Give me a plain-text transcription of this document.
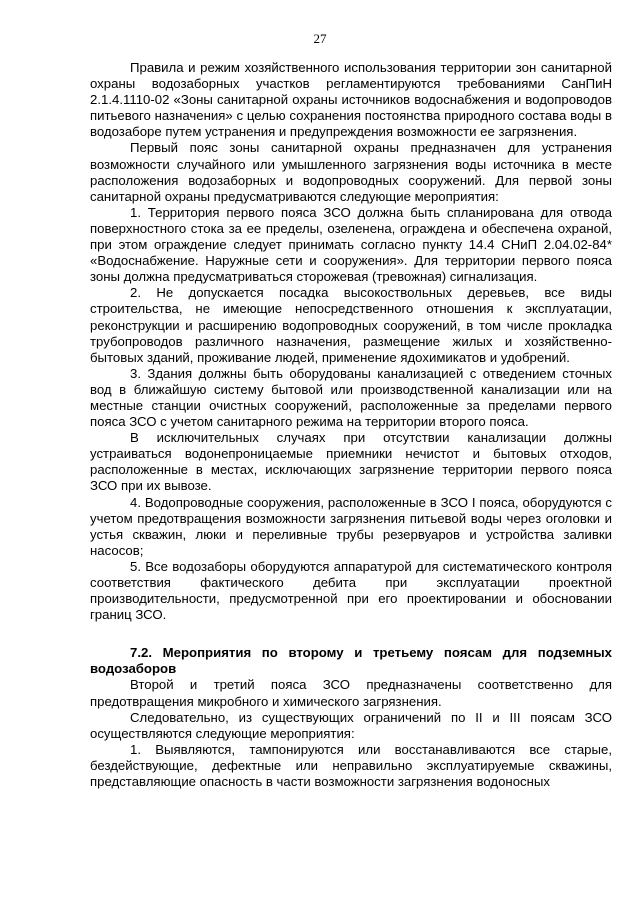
27

Правила и режим хозяйственного использования территории зон санитарной охраны водозаборных участков регламентируются требованиями СанПиН 2.1.4.1110-02 «Зоны санитарной охраны источников водоснабжения и водопроводов питьевого назначения» с целью сохранения постоянства природного состава воды в водозаборе путем устранения и предупреждения возможности ее загрязнения.

Первый пояс зоны санитарной охраны предназначен для устранения возможности случайного или умышленного загрязнения воды источника в месте расположения водозаборных и водопроводных сооружений. Для первой зоны санитарной охраны предусматриваются следующие мероприятия:

1. Территория первого пояса ЗСО должна быть спланирована для отвода поверхностного стока за ее пределы, озеленена, ограждена и обеспечена охраной, при этом ограждение следует принимать согласно пункту 14.4 СНиП 2.04.02-84* «Водоснабжение. Наружные сети и сооружения». Для территории первого пояса зоны должна предусматриваться сторожевая (тревожная) сигнализация.

2. Не допускается посадка высокоствольных деревьев, все виды строительства, не имеющие непосредственного отношения к эксплуатации, реконструкции и расширению водопроводных сооружений, в том числе прокладка трубопроводов различного назначения, размещение жилых и хозяйственно-бытовых зданий, проживание людей, применение ядохимикатов и удобрений.

3. Здания должны быть оборудованы канализацией с отведением сточных вод в ближайшую систему бытовой или производственной канализации или на местные станции очистных сооружений, расположенные за пределами первого пояса ЗСО с учетом санитарного режима на территории второго пояса.

В исключительных случаях при отсутствии канализации должны устраиваться водонепроницаемые приемники нечистот и бытовых отходов, расположенные в местах, исключающих загрязнение территории первого пояса ЗСО при их вывозе.

4. Водопроводные сооружения, расположенные в ЗСО I пояса, оборудуются с учетом предотвращения возможности загрязнения питьевой воды через оголовки и устья скважин, люки и переливные трубы резервуаров и устройства заливки насосов;

5. Все водозаборы оборудуются аппаратурой для систематического контроля соответствия фактического дебита при эксплуатации проектной производительности, предусмотренной при его проектировании и обосновании границ ЗСО.

7.2. Мероприятия по второму и третьему поясам для подземных водозаборов

Второй и третий пояса ЗСО предназначены соответственно для предотвращения микробного и химического загрязнения.

Следовательно, из существующих ограничений по II и III поясам ЗСО осуществляются следующие мероприятия:

1. Выявляются, тампонируются или восстанавливаются все старые, бездействующие, дефектные или неправильно эксплуатируемые скважины, представляющие опасность в части возможности загрязнения водоносных
